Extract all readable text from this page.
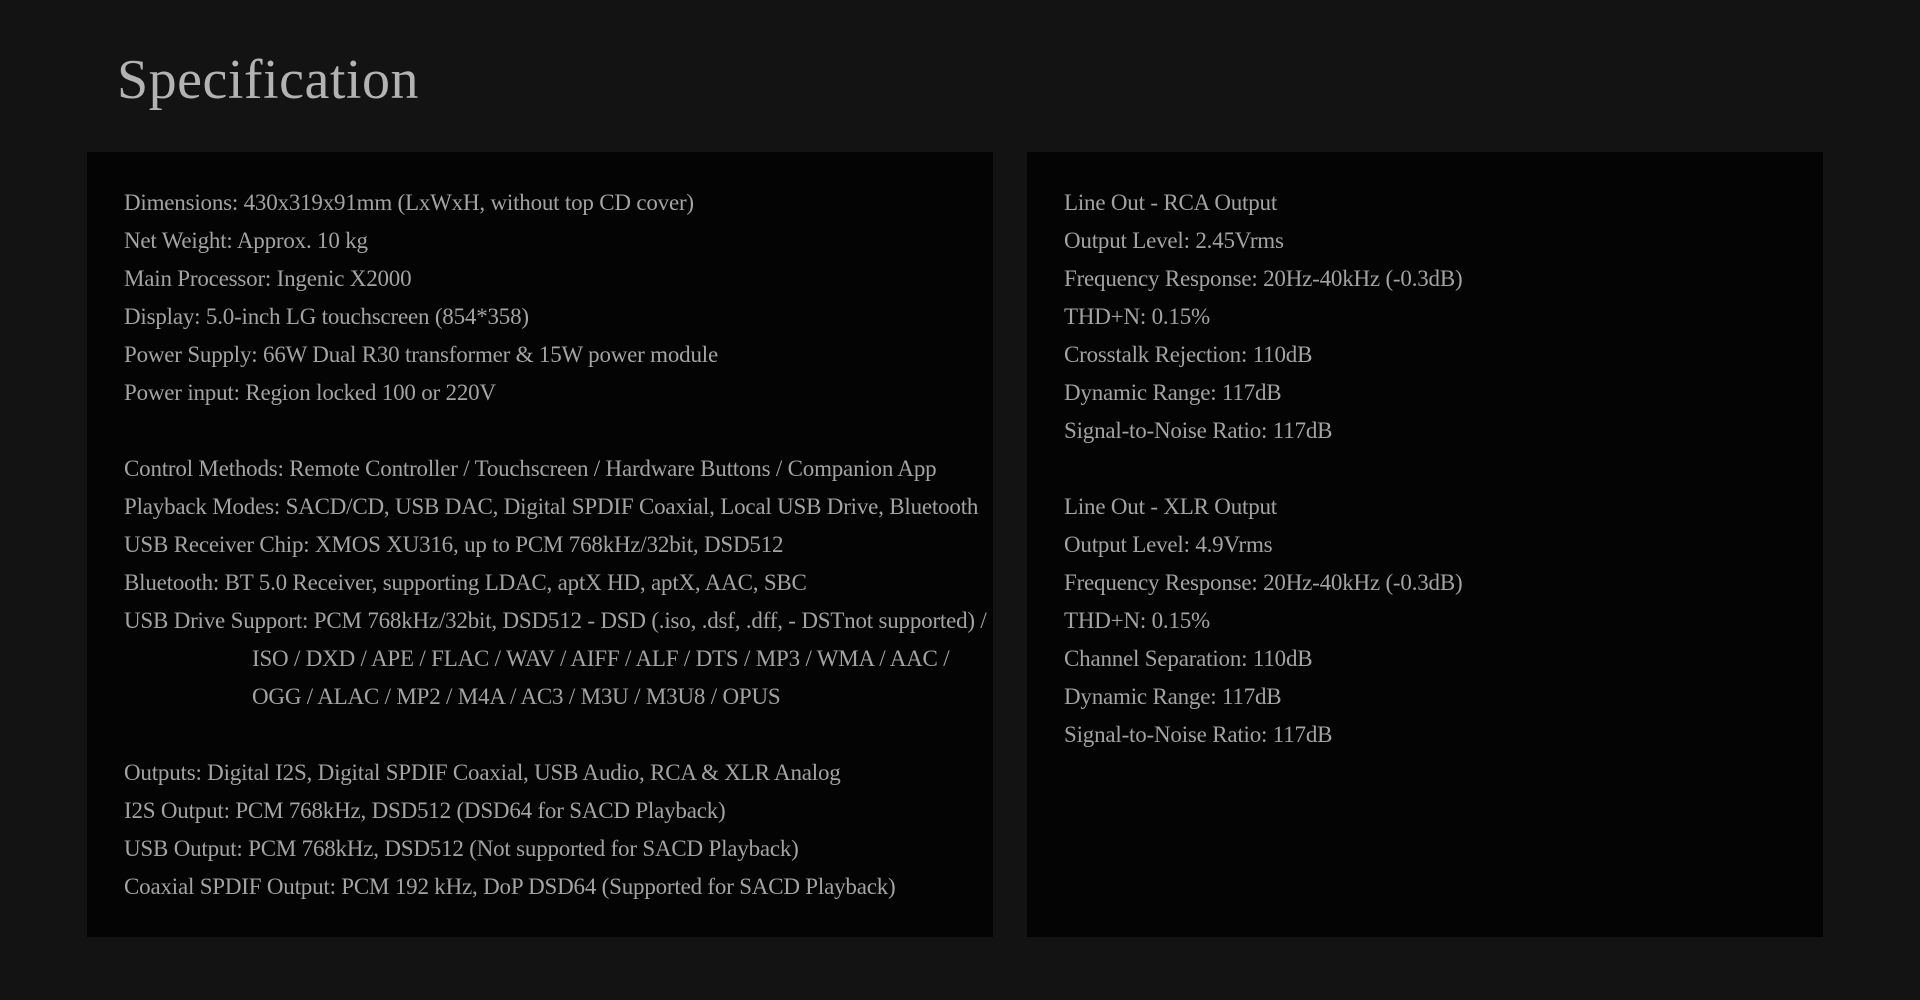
Specification
Dimensions: 430x319x91mm (LxWxH, without top CD cover)
Net Weight: Approx. 10 kg
Main Processor: Ingenic X2000
Display: 5.0-inch LG touchscreen (854*358)
Power Supply: 66W Dual R30 transformer & 15W power module
Power input: Region locked 100 or 220V
Control Methods: Remote Controller / Touchscreen / Hardware Buttons / Companion App
Playback Modes: SACD/CD, USB DAC, Digital SPDIF Coaxial, Local USB Drive, Bluetooth
USB Receiver Chip: XMOS XU316, up to PCM 768kHz/32bit, DSD512
Bluetooth: BT 5.0 Receiver, supporting LDAC, aptX HD, aptX, AAC, SBC
USB Drive Support: PCM 768kHz/32bit, DSD512 - DSD (.iso, .dsf, .dff, - DSTnot supported) /
ISO / DXD / APE / FLAC / WAV / AIFF / ALF / DTS / MP3 / WMA / AAC /
OGG / ALAC / MP2 / M4A / AC3 / M3U / M3U8 / OPUS
Outputs: Digital I2S, Digital SPDIF Coaxial, USB Audio, RCA & XLR Analog
I2S Output: PCM 768kHz, DSD512 (DSD64 for SACD Playback)
USB Output: PCM 768kHz, DSD512 (Not supported for SACD Playback)
Coaxial SPDIF Output: PCM 192 kHz, DoP DSD64 (Supported for SACD Playback)
Line Out - RCA Output
Output Level: 2.45Vrms
Frequency Response: 20Hz-40kHz (-0.3dB)
THD+N: 0.15%
Crosstalk Rejection: 110dB
Dynamic Range: 117dB
Signal-to-Noise Ratio: 117dB
Line Out - XLR Output
Output Level: 4.9Vrms
Frequency Response: 20Hz-40kHz (-0.3dB)
THD+N: 0.15%
Channel Separation: 110dB
Dynamic Range: 117dB
Signal-to-Noise Ratio: 117dB
